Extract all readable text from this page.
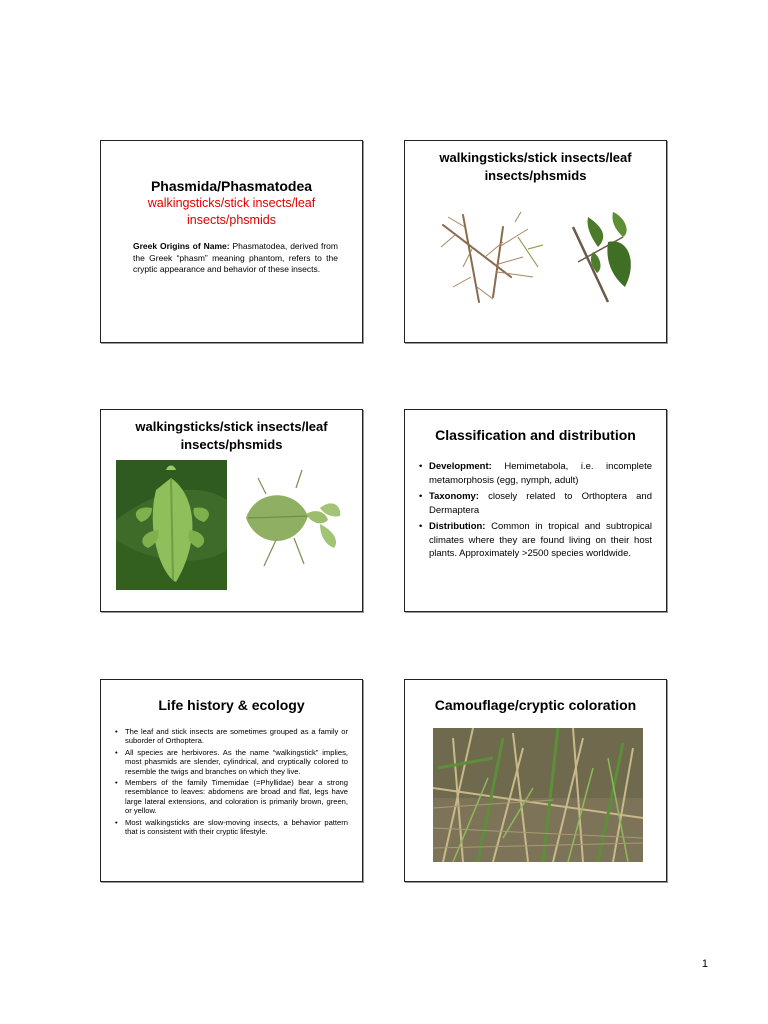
Phasmida/Phasmatodea
walkingsticks/stick insects/leaf insects/phsmids
Greek Origins of Name: Phasmatodea, derived from the Greek “phasm” meaning phantom, refers to the cryptic appearance and behavior of these insects.
walkingsticks/stick insects/leaf insects/phsmids
walkingsticks/stick insects/leaf insects/phsmids
Classification and distribution
• Development: Hemimetabola, i.e. incomplete metamorphosis (egg, nymph, adult)
• Taxonomy: closely related to Orthoptera and Dermaptera
• Distribution: Common in tropical and subtropical climates where they are found living on their host plants. Approximately >2500 species worldwide.
Life history & ecology
• The leaf and stick insects are sometimes grouped as a family or suborder of Orthoptera.
• All species are herbivores. As the name “walkingstick” implies, most phasmids are slender, cylindrical, and cryptically colored to resemble the twigs and branches on which they live.
• Members of the family Timemidae (=Phyllidae) bear a strong resemblance to leaves: abdomens are broad and flat, legs have large lateral extensions, and coloration is primarily brown, green, or yellow.
• Most walkingsticks are slow-moving insects, a behavior pattern that is consistent with their cryptic lifestyle.
Camouflage/cryptic coloration
1
